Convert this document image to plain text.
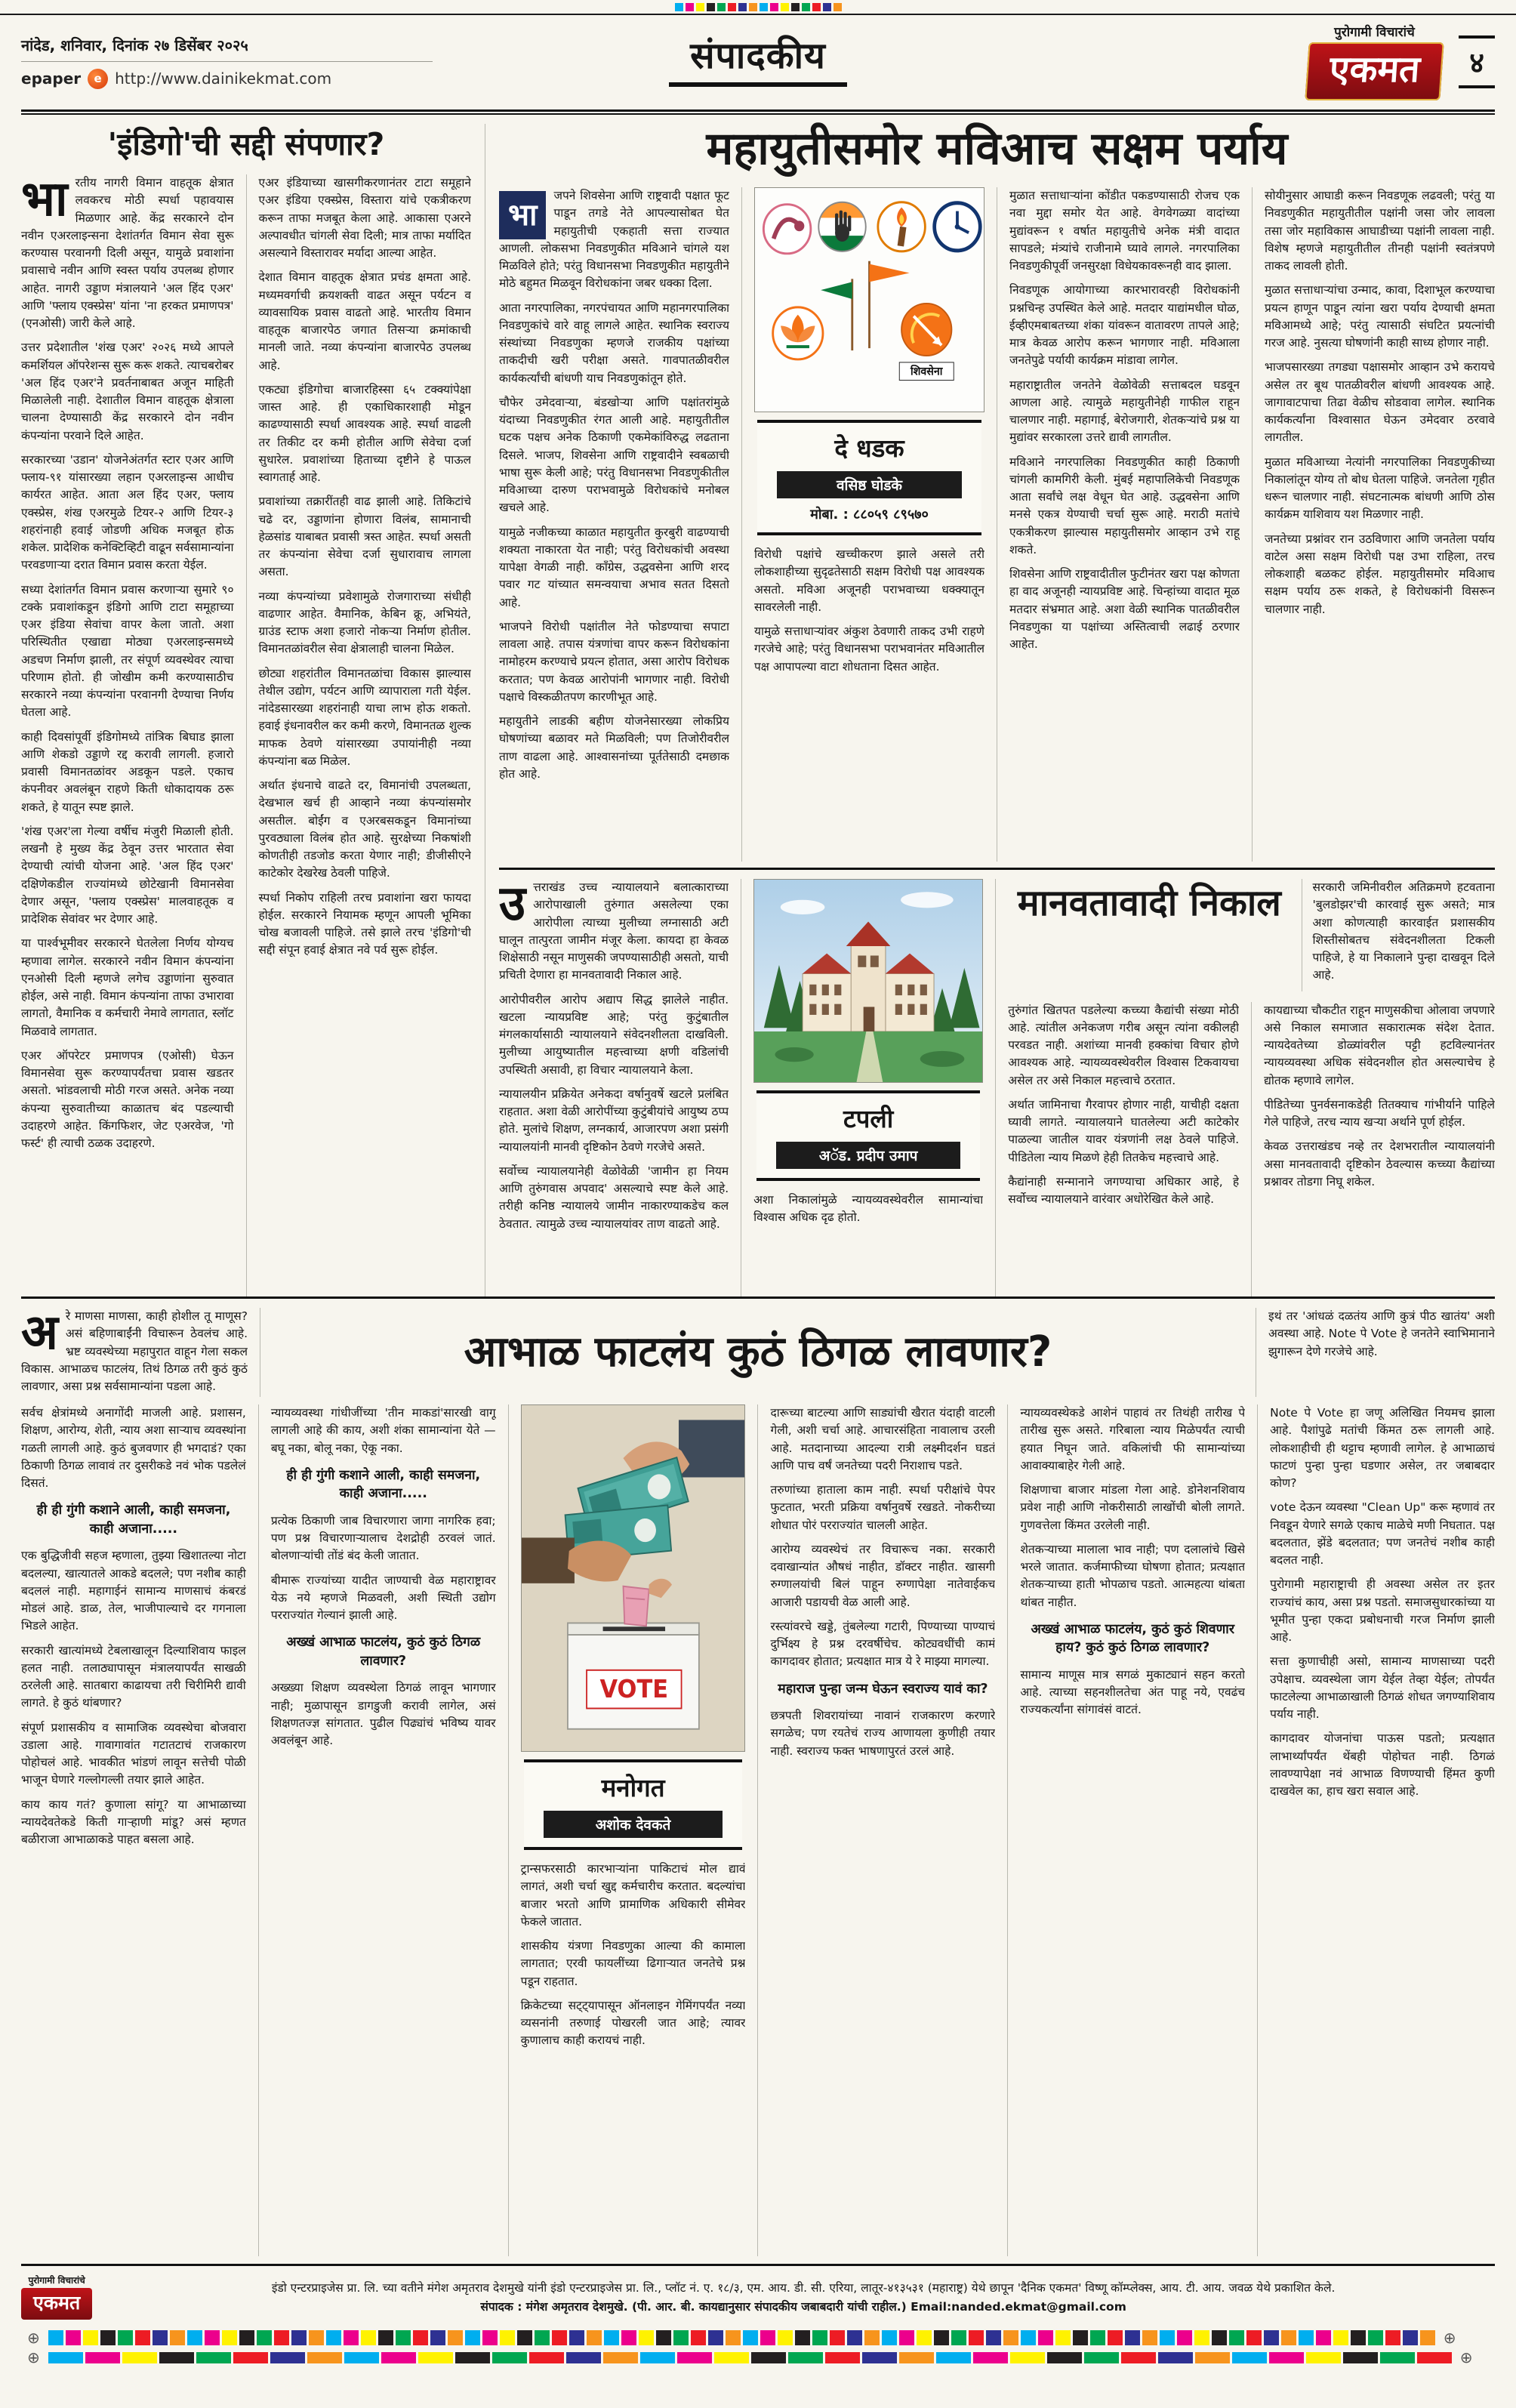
नांदेड, शनिवार, दिनांक २७ डिसेंबर २०२५
epaper	e http://www.dainikekmat.com
संपादकीय
पुरोगामी विचारांचे
एकमत	४
'इंडिगो'ची सद्दी संपणार?

भारतीय नागरी विमान वाहतूक क्षेत्रात लवकरच मोठी स्पर्धा पहावयास मिळणार आहे. केंद्र सरकारने दोन नवीन एअरलाइन्सना देशांतर्गत विमान सेवा सुरू करण्यास परवानगी दिली असून, यामुळे प्रवाशांना प्रवासाचे नवीन आणि स्वस्त पर्याय उपलब्ध होणार आहेत. नागरी उड्डाण मंत्रालयाने 'अल हिंद एअर' आणि 'फ्लाय एक्स्प्रेस' यांना 'ना हरकत प्रमाणपत्र' (एनओसी) जारी केले आहे.

उत्तर प्रदेशातील 'शंख एअर' २०२६ मध्ये आपले कमर्शियल ऑपरेशन्स सुरू करू शकते. त्याचबरोबर 'अल हिंद एअर'ने प्रवर्तनाबाबत अजून माहिती मिळालेली नाही. देशातील विमान वाहतूक क्षेत्राला चालना देण्यासाठी केंद्र सरकारने दोन नवीन कंपन्यांना परवाने दिले आहेत.

सरकारच्या 'उडान' योजनेअंतर्गत स्टार एअर आणि फ्लाय-९१ यांसारख्या लहान एअरलाइन्स आधीच कार्यरत आहेत. आता अल हिंद एअर, फ्लाय एक्स्प्रेस, शंख एअरमुळे टियर-२ आणि टियर-३ शहरांनाही हवाई जोडणी अधिक मजबूत होऊ शकेल. प्रादेशिक कनेक्टिव्हिटी वाढून सर्वसामान्यांना परवडणाऱ्या दरात विमान प्रवास करता येईल.

सध्या देशांतर्गत विमान प्रवास करणाऱ्या सुमारे ९० टक्के प्रवाशांकडून इंडिगो आणि टाटा समूहाच्या एअर इंडिया सेवांचा वापर केला जातो. अशा परिस्थितीत एखाद्या मोठ्या एअरलाइन्समध्ये अडचण निर्माण झाली, तर संपूर्ण व्यवस्थेवर त्याचा परिणाम होतो. ही जोखीम कमी करण्यासाठीच सरकारने नव्या कंपन्यांना परवानगी देण्याचा निर्णय घेतला आहे.

काही दिवसांपूर्वी इंडिगोमध्ये तांत्रिक बिघाड झाला आणि शेकडो उड्डाणे रद्द करावी लागली. हजारो प्रवासी विमानतळांवर अडकून पडले. एकाच कंपनीवर अवलंबून राहणे किती धोकादायक ठरू शकते, हे यातून स्पष्ट झाले.

'शंख एअर'ला गेल्या वर्षीच मंजुरी मिळाली होती. लखनौ हे मुख्य केंद्र ठेवून उत्तर भारतात सेवा देण्याची त्यांची योजना आहे. 'अल हिंद एअर' दक्षिणेकडील राज्यांमध्ये छोटेखानी विमानसेवा देणार असून, 'फ्लाय एक्स्प्रेस' मालवाहतूक व प्रादेशिक सेवांवर भर देणार आहे.

या पार्श्वभूमीवर सरकारने घेतलेला निर्णय योग्यच म्हणावा लागेल. सरकारने नवीन विमान कंपन्यांना एनओसी दिली म्हणजे लगेच उड्डाणांना सुरुवात होईल, असे नाही. विमान कंपन्यांना ताफा उभारावा लागतो, वैमानिक व कर्मचारी नेमावे लागतात, स्लॉट मिळवावे लागतात.

एअर ऑपरेटर प्रमाणपत्र (एओसी) घेऊन विमानसेवा सुरू करण्यापर्यंतचा प्रवास खडतर असतो. भांडवलाची मोठी गरज असते. अनेक नव्या कंपन्या सुरुवातीच्या काळातच बंद पडल्याची उदाहरणे आहेत. किंगफिशर, जेट एअरवेज, 'गो फर्स्ट' ही त्याची ठळक उदाहरणे.

एअर इंडियाच्या खासगीकरणानंतर टाटा समूहाने एअर इंडिया एक्स्प्रेस, विस्तारा यांचे एकत्रीकरण करून ताफा मजबूत केला आहे. आकासा एअरने अल्पावधीत चांगली सेवा दिली; मात्र ताफा मर्यादित असल्याने विस्तारावर मर्यादा आल्या आहेत.

देशात विमान वाहतूक क्षेत्रात प्रचंड क्षमता आहे. मध्यमवर्गाची क्रयशक्ती वाढत असून पर्यटन व व्यावसायिक प्रवास वाढतो आहे. भारतीय विमान वाहतूक बाजारपेठ जगात तिसऱ्या क्रमांकाची मानली जाते. नव्या कंपन्यांना बाजारपेठ उपलब्ध आहे.

एकट्या इंडिगोचा बाजारहिस्सा ६५ टक्क्यांपेक्षा जास्त आहे. ही एकाधिकारशाही मोडून काढण्यासाठी स्पर्धा आवश्यक आहे. स्पर्धा वाढली तर तिकीट दर कमी होतील आणि सेवेचा दर्जा सुधारेल. प्रवाशांच्या हिताच्या दृष्टीने हे पाऊल स्वागतार्ह आहे.

प्रवाशांच्या तक्रारींतही वाढ झाली आहे. तिकिटांचे चढे दर, उड्डाणांना होणारा विलंब, सामानाची हेळसांड याबाबत प्रवासी त्रस्त आहेत. स्पर्धा असती तर कंपन्यांना सेवेचा दर्जा सुधारावाच लागला असता.

नव्या कंपन्यांच्या प्रवेशामुळे रोजगाराच्या संधीही वाढणार आहेत. वैमानिक, केबिन क्रू, अभियंते, ग्राउंड स्टाफ अशा हजारो नोकऱ्या निर्माण होतील. विमानतळांवरील सेवा क्षेत्रालाही चालना मिळेल.

छोट्या शहरांतील विमानतळांचा विकास झाल्यास तेथील उद्योग, पर्यटन आणि व्यापाराला गती येईल. नांदेडसारख्या शहरांनाही याचा लाभ होऊ शकतो. हवाई इंधनावरील कर कमी करणे, विमानतळ शुल्क माफक ठेवणे यांसारख्या उपायांनीही नव्या कंपन्यांना बळ मिळेल.

अर्थात इंधनाचे वाढते दर, विमानांची उपलब्धता, देखभाल खर्च ही आव्हाने नव्या कंपन्यांसमोर असतील. बोईंग व एअरबसकडून विमानांच्या पुरवठ्याला विलंब होत आहे. सुरक्षेच्या निकषांशी कोणतीही तडजोड करता येणार नाही; डीजीसीएने काटेकोर देखरेख ठेवली पाहिजे.

स्पर्धा निकोप राहिली तरच प्रवाशांना खरा फायदा होईल. सरकारने नियामक म्हणून आपली भूमिका चोख बजावली पाहिजे. तसे झाले तरच 'इंडिगो'ची सद्दी संपून हवाई क्षेत्रात नवे पर्व सुरू होईल.

महायुतीसमोर मविआच सक्षम पर्याय

भा
जपने शिवसेना आणि राष्ट्रवादी पक्षात फूट पाडून तगडे नेते आपल्यासोबत घेत महायुतीची एकहाती सत्ता राज्यात आणली. लोकसभा निवडणुकीत मविआने चांगले यश मिळविले होते; परंतु विधानसभा निवडणुकीत महायुतीने मोठे बहुमत मिळवून विरोधकांना जबर धक्का दिला.

आता नगरपालिका, नगरपंचायत आणि महानगरपालिका निवडणुकांचे वारे वाहू लागले आहेत. स्थानिक स्वराज्य संस्थांच्या निवडणुका म्हणजे राजकीय पक्षांच्या ताकदीची खरी परीक्षा असते. गावपातळीवरील कार्यकर्त्यांची बांधणी याच निवडणुकांतून होते.

चौफेर उमेदवाऱ्या, बंडखोऱ्या आणि पक्षांतरांमुळे यंदाच्या निवडणुकीत रंगत आली आहे. महायुतीतील घटक पक्षच अनेक ठिकाणी एकमेकांविरुद्ध लढताना दिसले. भाजप, शिवसेना आणि राष्ट्रवादीने स्वबळाची भाषा सुरू केली आहे; परंतु विधानसभा निवडणुकीतील मविआच्या दारुण पराभवामुळे विरोधकांचे मनोबल खचले आहे.

यामुळे नजीकच्या काळात महायुतीत कुरबुरी वाढण्याची शक्यता नाकारता येत नाही; परंतु विरोधकांची अवस्था यापेक्षा वेगळी नाही. काँग्रेस, उद्धवसेना आणि शरद पवार गट यांच्यात समन्वयाचा अभाव सतत दिसतो आहे.

भाजपने विरोधी पक्षांतील नेते फोडण्याचा सपाटा लावला आहे. तपास यंत्रणांचा वापर करून विरोधकांना नामोहरम करण्याचे प्रयत्न होतात, असा आरोप विरोधक करतात; पण केवळ आरोपांनी भागणार नाही. विरोधी पक्षाचे विस्कळीतपण कारणीभूत आहे.

महायुतीने लाडकी बहीण योजनेसारख्या लोकप्रिय घोषणांच्या बळावर मते मिळविली; पण तिजोरीवरील ताण वाढला आहे. आश्वासनांच्या पूर्ततेसाठी दमछाक होत आहे.

शिवसेना
दे धडक
वसिष्ठ घोडके
मोबा. : ८८०५९ ८९५७०

विरोधी पक्षांचे खच्चीकरण झाले असले तरी लोकशाहीच्या सुदृढतेसाठी सक्षम विरोधी पक्ष आवश्यक असतो. मविआ अजूनही पराभवाच्या धक्क्यातून सावरलेली नाही.

यामुळे सत्ताधाऱ्यांवर अंकुश ठेवणारी ताकद उभी राहणे गरजेचे आहे; परंतु विधानसभा पराभवानंतर मविआतील पक्ष आपापल्या वाटा शोधताना दिसत आहेत.

मुळात सत्ताधाऱ्यांना कोंडीत पकडण्यासाठी रोजच एक नवा मुद्दा समोर येत आहे. वेगवेगळ्या वादांच्या मुद्यांवरून १ वर्षात महायुतीचे अनेक मंत्री वादात सापडले; मंत्र्यांचे राजीनामे घ्यावे लागले. नगरपालिका निवडणुकीपूर्वी जनसुरक्षा विधेयकावरूनही वाद झाला.

निवडणूक आयोगाच्या कारभारावरही विरोधकांनी प्रश्नचिन्ह उपस्थित केले आहे. मतदार याद्यांमधील घोळ, ईव्हीएमबाबतच्या शंका यांवरून वातावरण तापले आहे; मात्र केवळ आरोप करून भागणार नाही. मविआला जनतेपुढे पर्यायी कार्यक्रम मांडावा लागेल.

महाराष्ट्रातील जनतेने वेळोवेळी सत्ताबदल घडवून आणला आहे. त्यामुळे महायुतीनेही गाफील राहून चालणार नाही. महागाई, बेरोजगारी, शेतकऱ्यांचे प्रश्न या मुद्यांवर सरकारला उत्तरे द्यावी लागतील.

मविआने नगरपालिका निवडणुकीत काही ठिकाणी चांगली कामगिरी केली. मुंबई महापालिकेची निवडणूक आता सर्वांचे लक्ष वेधून घेत आहे. उद्धवसेना आणि मनसे एकत्र येण्याची चर्चा सुरू आहे. मराठी मतांचे एकत्रीकरण झाल्यास महायुतीसमोर आव्हान उभे राहू शकते.

शिवसेना आणि राष्ट्रवादीतील फुटीनंतर खरा पक्ष कोणता हा वाद अजूनही न्यायप्रविष्ट आहे. चिन्हांच्या वादात मूळ मतदार संभ्रमात आहे. अशा वेळी स्थानिक पातळीवरील निवडणुका या पक्षांच्या अस्तित्वाची लढाई ठरणार आहेत.

सोयीनुसार आघाडी करून निवडणूक लढवली; परंतु या निवडणुकीत महायुतीतील पक्षांनी जसा जोर लावला तसा जोर महाविकास आघाडीच्या पक्षांनी लावला नाही. विशेष म्हणजे महायुतीतील तीनही पक्षांनी स्वतंत्रपणे ताकद लावली होती.

मुळात सत्ताधाऱ्यांचा उन्माद, कावा, दिशाभूल करण्याचा प्रयत्न हाणून पाडून त्यांना खरा पर्याय देण्याची क्षमता मविआमध्ये आहे; परंतु त्यासाठी संघटित प्रयत्नांची गरज आहे. नुसत्या घोषणांनी काही साध्य होणार नाही.

भाजपसारख्या तगड्या पक्षासमोर आव्हान उभे करायचे असेल तर बूथ पातळीवरील बांधणी आवश्यक आहे. जागावाटपाचा तिढा वेळीच सोडवावा लागेल. स्थानिक कार्यकर्त्यांना विश्वासात घेऊन उमेदवार ठरवावे लागतील.

मुळात मविआच्या नेत्यांनी नगरपालिका निवडणुकीच्या निकालांतून योग्य तो बोध घेतला पाहिजे. जनतेला गृहीत धरून चालणार नाही. संघटनात्मक बांधणी आणि ठोस कार्यक्रम याशिवाय यश मिळणार नाही.

जनतेच्या प्रश्नांवर रान उठविणारा आणि जनतेला पर्याय वाटेल असा सक्षम विरोधी पक्ष उभा राहिला, तरच लोकशाही बळकट होईल. महायुतीसमोर मविआच सक्षम पर्याय ठरू शकते, हे विरोधकांनी विसरून चालणार नाही.

उत्तराखंड उच्च न्यायालयाने बलात्काराच्या आरोपाखाली तुरुंगात असलेल्या एका आरोपीला त्याच्या मुलीच्या लग्नासाठी अटी घालून तात्पुरता जामीन मंजूर केला. कायदा हा केवळ शिक्षेसाठी नसून माणुसकी जपण्यासाठीही असतो, याची प्रचिती देणारा हा मानवतावादी निकाल आहे.

आरोपीवरील आरोप अद्याप सिद्ध झालेले नाहीत. खटला न्यायप्रविष्ट आहे; परंतु कुटुंबातील मंगलकार्यासाठी न्यायालयाने संवेदनशीलता दाखविली. मुलीच्या आयुष्यातील महत्त्वाच्या क्षणी वडिलांची उपस्थिती असावी, हा विचार न्यायालयाने केला.

न्यायालयीन प्रक्रियेत अनेकदा वर्षानुवर्षे खटले प्रलंबित राहतात. अशा वेळी आरोपींच्या कुटुंबीयांचे आयुष्य ठप्प होते. मुलांचे शिक्षण, लग्नकार्य, आजारपण अशा प्रसंगी न्यायालयांनी मानवी दृष्टिकोन ठेवणे गरजेचे असते.

सर्वोच्च न्यायालयानेही वेळोवेळी 'जामीन हा नियम आणि तुरुंगवास अपवाद' असल्याचे स्पष्ट केले आहे. तरीही कनिष्ठ न्यायालये जामीन नाकारण्याकडेच कल ठेवतात. त्यामुळे उच्च न्यायालयांवर ताण वाढतो आहे.

टपली
अॅड. प्रदीप उमाप

अशा निकालांमुळे न्यायव्यवस्थेवरील सामान्यांचा विश्वास अधिक दृढ होतो.

मानवतावादी निकाल	सरकारी जमिनीवरील अतिक्रमणे हटवताना 'बुलडोझर'ची कारवाई सुरू असते; मात्र अशा कोणत्याही कारवाईत प्रशासकीय शिस्तीसोबतच संवेदनशीलता टिकली पाहिजे, हे या निकालाने पुन्हा दाखवून दिले आहे.

तुरुंगांत खितपत पडलेल्या कच्च्या कैद्यांची संख्या मोठी आहे. त्यांतील अनेकजण गरीब असून त्यांना वकीलही परवडत नाही. अशांच्या मानवी हक्कांचा विचार होणे आवश्यक आहे. न्यायव्यवस्थेवरील विश्वास टिकवायचा असेल तर असे निकाल महत्त्वाचे ठरतात.

अर्थात जामिनाचा गैरवापर होणार नाही, याचीही दक्षता घ्यावी लागते. न्यायालयाने घातलेल्या अटी काटेकोर पाळल्या जातील यावर यंत्रणांनी लक्ष ठेवले पाहिजे. पीडितेला न्याय मिळणे हेही तितकेच महत्त्वाचे आहे.

कैद्यांनाही सन्मानाने जगण्याचा अधिकार आहे, हे सर्वोच्च न्यायालयाने वारंवार अधोरेखित केले आहे.

कायद्याच्या चौकटीत राहून माणुसकीचा ओलावा जपणारे असे निकाल समाजात सकारात्मक संदेश देतात. न्यायदेवतेच्या डोळ्यांवरील पट्टी हटविल्यानंतर न्यायव्यवस्था अधिक संवेदनशील होत असल्याचेच हे द्योतक म्हणावे लागेल.

पीडितेच्या पुनर्वसनाकडेही तितक्याच गांभीर्याने पाहिले गेले पाहिजे, तरच न्याय खऱ्या अर्थाने पूर्ण होईल.

केवळ उत्तराखंडच नव्हे तर देशभरातील न्यायालयांनी असा मानवतावादी दृष्टिकोन ठेवल्यास कच्च्या कैद्यांच्या प्रश्नावर तोडगा निघू शकेल.

अरे माणसा माणसा, काही होशील तू माणूस? असं बहिणाबाईंनी विचारून ठेवलंच आहे. भ्रष्ट व्यवस्थेच्या महापुरात वाहून गेला सकल विकास. आभाळच फाटलंय, तिथं ठिगळ तरी कुठं कुठं लावणार, असा प्रश्न सर्वसामान्यांना पडला आहे.

आभाळ फाटलंय कुठं ठिगळ लावणार?

इथं तर 'आंधळं दळतंय आणि कुत्रं पीठ खातंय' अशी अवस्था आहे. Note पे Vote हे जनतेने स्वाभिमानाने झुगारून देणे गरजेचे आहे.

सर्वच क्षेत्रांमध्ये अनागोंदी माजली आहे. प्रशासन, शिक्षण, आरोग्य, शेती, न्याय अशा साऱ्याच व्यवस्थांना गळती लागली आहे. कुठं बुजवणार ही भगदाडं? एका ठिकाणी ठिगळ लावावं तर दुसरीकडे नवं भोक पडलेलं दिसतं.

ही ही गुंगी कशाने आली, काही समजना, काही अजाना.....

एक बुद्धिजीवी सहज म्हणाला, तुझ्या खिशातल्या नोटा बदलल्या, खात्यातले आकडे बदलले; पण नशीब काही बदललं नाही. महागाईनं सामान्य माणसाचं कंबरडं मोडलं आहे. डाळ, तेल, भाजीपाल्याचे दर गगनाला भिडले आहेत.

सरकारी खात्यांमध्ये टेबलाखालून दिल्याशिवाय फाइल हलत नाही. तलाठ्यापासून मंत्रालयापर्यंत साखळी ठरलेली आहे. सातबारा काढायचा तरी चिरीमिरी द्यावी लागते. हे कुठं थांबणार?

संपूर्ण प्रशासकीय व सामाजिक व्यवस्थेचा बोजवारा उडाला आहे. गावागावांत गटातटाचं राजकारण पोहोचलं आहे. भावकीत भांडणं लावून सत्तेची पोळी भाजून घेणारे गल्लोगल्ली तयार झाले आहेत.

काय काय गतं? कुणाला सांगू? या आभाळाच्या न्यायदेवतेकडे किती गाऱ्हाणी मांडू? असं म्हणत बळीराजा आभाळाकडे पाहत बसला आहे.

न्यायव्यवस्था गांधीजींच्या 'तीन माकडां'सारखी वागू लागली आहे की काय, अशी शंका सामान्यांना येते — बघू नका, बोलू नका, ऐकू नका.

ही ही गुंगी कशाने आली, काही समजना, काही अजाना.....

प्रत्येक ठिकाणी जाब विचारणारा जागा नागरिक हवा; पण प्रश्न विचारणाऱ्यालाच देशद्रोही ठरवलं जातं. बोलणाऱ्यांची तोंडं बंद केली जातात.

बीमारू राज्यांच्या यादीत जाण्याची वेळ महाराष्ट्रावर येऊ नये म्हणजे मिळवली, अशी स्थिती उद्योग परराज्यांत गेल्यानं झाली आहे.

अख्खं आभाळ फाटलंय, कुठं कुठं ठिगळ लावणार?

अख्ख्या शिक्षण व्यवस्थेला ठिगळं लावून भागणार नाही; मुळापासून डागडुजी करावी लागेल, असं शिक्षणतज्ज्ञ सांगतात. पुढील पिढ्यांचं भविष्य यावर अवलंबून आहे.

VOTE
मनोगत
अशोक देवकते

ट्रान्सफरसाठी कारभाऱ्यांना पाकिटाचं मोल द्यावं लागतं, अशी चर्चा खुद्द कर्मचारीच करतात. बदल्यांचा बाजार भरतो आणि प्रामाणिक अधिकारी सीमेवर फेकले जातात.

शासकीय यंत्रणा निवडणुका आल्या की कामाला लागतात; एरवी फायलींच्या ढिगाऱ्यात जनतेचे प्रश्न पडून राहतात.

क्रिकेटच्या सट्ट्यापासून ऑनलाइन गेमिंगपर्यंत नव्या व्यसनांनी तरुणाई पोखरली जात आहे; त्यावर कुणालाच काही करायचं नाही.

दारूच्या बाटल्या आणि साड्यांची खैरात यंदाही वाटली गेली, अशी चर्चा आहे. आचारसंहिता नावालाच उरली आहे. मतदानाच्या आदल्या रात्री लक्ष्मीदर्शन घडतं आणि पाच वर्षं जनतेच्या पदरी निराशाच पडते.

तरुणांच्या हाताला काम नाही. स्पर्धा परीक्षांचे पेपर फुटतात, भरती प्रक्रिया वर्षानुवर्षे रखडते. नोकरीच्या शोधात पोरं परराज्यांत चालली आहेत.

आरोग्य व्यवस्थेचं तर विचारूच नका. सरकारी दवाखान्यांत औषधं नाहीत, डॉक्टर नाहीत. खासगी रुग्णालयांची बिलं पाहून रुग्णापेक्षा नातेवाईकच आजारी पडायची वेळ आली आहे.

रस्त्यांवरचे खड्डे, तुंबलेल्या गटारी, पिण्याच्या पाण्याचं दुर्भिक्ष्य हे प्रश्न दरवर्षीचेच. कोट्यवधींची कामं कागदावर होतात; प्रत्यक्षात मात्र ये रे माझ्या मागल्या.

महाराज पुन्हा जन्म घेऊन स्वराज्य यावं का?

छत्रपती शिवरायांच्या नावानं राजकारण करणारे सगळेच; पण रयतेचं राज्य आणायला कुणीही तयार नाही. स्वराज्य फक्त भाषणापुरतं उरलं आहे.

न्यायव्यवस्थेकडे आशेनं पाहावं तर तिथंही तारीख पे तारीख सुरू असते. गरिबाला न्याय मिळेपर्यंत त्याची हयात निघून जाते. वकिलांची फी सामान्यांच्या आवाक्याबाहेर गेली आहे.

शिक्षणाचा बाजार मांडला गेला आहे. डोनेशनशिवाय प्रवेश नाही आणि नोकरीसाठी लाखोंची बोली लागते. गुणवत्तेला किंमत उरलेली नाही.

शेतकऱ्याच्या मालाला भाव नाही; पण दलालांचे खिसे भरले जातात. कर्जमाफीच्या घोषणा होतात; प्रत्यक्षात शेतकऱ्याच्या हाती भोपळाच पडतो. आत्महत्या थांबता थांबत नाहीत.

अख्खं आभाळ फाटलंय, कुठं कुठं शिवणार हाय? कुठं कुठं ठिगळ लावणार?

सामान्य माणूस मात्र सगळं मुकाट्यानं सहन करतो आहे. त्याच्या सहनशीलतेचा अंत पाहू नये, एवढंच राज्यकर्त्यांना सांगावंसं वाटतं.

Note पे Vote हा जणू अलिखित नियमच झाला आहे. पैशांपुढे मतांची किंमत ठरू लागली आहे. लोकशाहीची ही थट्टाच म्हणावी लागेल. हे आभाळाचं फाटणं पुन्हा पुन्हा घडणार असेल, तर जबाबदार कोण?

vote देऊन व्यवस्था "Clean Up" करू म्हणावं तर निवडून येणारे सगळे एकाच माळेचे मणी निघतात. पक्ष बदलतात, झेंडे बदलतात; पण जनतेचं नशीब काही बदलत नाही.

पुरोगामी महाराष्ट्राची ही अवस्था असेल तर इतर राज्यांचं काय, असा प्रश्न पडतो. समाजसुधारकांच्या या भूमीत पुन्हा एकदा प्रबोधनाची गरज निर्माण झाली आहे.

सत्ता कुणाचीही असो, सामान्य माणसाच्या पदरी उपेक्षाच. व्यवस्थेला जाग येईल तेव्हा येईल; तोपर्यंत फाटलेल्या आभाळाखाली ठिगळं शोधत जगण्याशिवाय पर्याय नाही.

कागदावर योजनांचा पाऊस पडतो; प्रत्यक्षात लाभार्थ्यांपर्यंत थेंबही पोहोचत नाही. ठिगळं लावण्यापेक्षा नवं आभाळ विणण्याची हिंमत कुणी दाखवेल का, हाच खरा सवाल आहे.

पुरोगामी विचारांचे
एकमत

इंडो एन्टरप्राइजेस प्रा. लि. च्या वतीने मंगेश अमृतराव देशमुखे यांनी इंडो एन्टरप्राइजेस प्रा. लि., प्लॉट नं. ए. १८/३, एम. आय. डी. सी. एरिया, लातूर-४१३५३१ (महाराष्ट्र) येथे छापून 'दैनिक एकमत' विष्णू कॉम्प्लेक्स, आय. टी. आय. जवळ येथे प्रकाशित केले.

संपादक : मंगेश अमृतराव देशमुखे. (पी. आर. बी. कायद्यानुसार संपादकीय जबाबदारी यांची राहील.) Email:nanded.ekmat@gmail.com

⊕	⊕
⊕	⊕
